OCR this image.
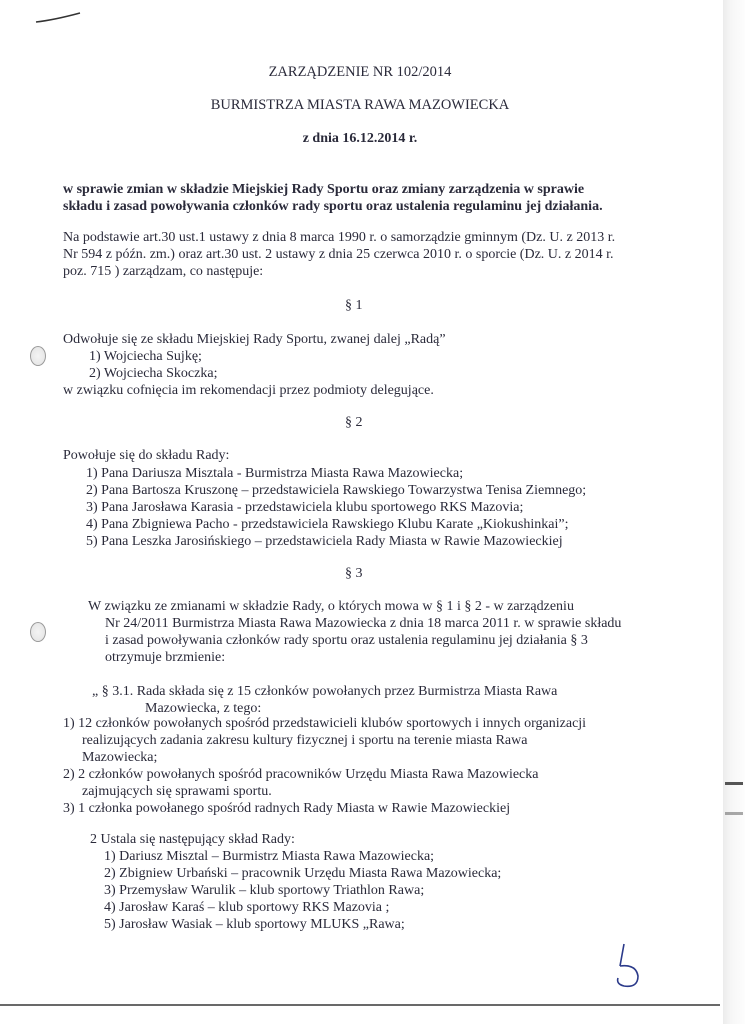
ZARZĄDZENIE NR 102/2014
BURMISTRZA MIASTA RAWA MAZOWIECKA
z dnia 16.12.2014 r.
w sprawie zmian w składzie Miejskiej Rady Sportu oraz zmiany zarządzenia w sprawie
składu i zasad powoływania członków rady sportu oraz ustalenia regulaminu jej działania.
Na podstawie art.30 ust.1 ustawy z dnia 8 marca 1990 r. o samorządzie gminnym (Dz. U. z 2013 r.
Nr 594 z późn. zm.) oraz art.30 ust. 2 ustawy z dnia 25 czerwca 2010 r. o sporcie (Dz. U. z 2014 r.
poz. 715 ) zarządzam, co następuje:
§ 1
Odwołuje się ze składu Miejskiej Rady Sportu, zwanej dalej „Radą”
1) Wojciecha Sujkę;
2) Wojciecha Skoczka;
w związku cofnięcia im rekomendacji przez podmioty delegujące.
§ 2
Powołuje się do składu Rady:
1) Pana Dariusza Misztala - Burmistrza Miasta Rawa Mazowiecka;
2) Pana Bartosza Kruszonę – przedstawiciela Rawskiego Towarzystwa Tenisa Ziemnego;
3) Pana Jarosława Karasia - przedstawiciela klubu sportowego RKS Mazovia;
4) Pana Zbigniewa Pacho - przedstawiciela Rawskiego Klubu Karate „Kiokushinkai”;
5) Pana Leszka Jarosińskiego – przedstawiciela Rady Miasta w Rawie Mazowieckiej
§ 3
W związku ze zmianami w składzie Rady, o których mowa w § 1 i § 2 - w zarządzeniu
Nr 24/2011 Burmistrza Miasta Rawa Mazowiecka z dnia 18 marca 2011 r. w sprawie składu
i zasad powoływania członków rady sportu oraz ustalenia regulaminu jej działania § 3
otrzymuje brzmienie:
„ § 3.1. Rada składa się z 15 członków powołanych przez Burmistrza Miasta Rawa
Mazowiecka, z tego:
1) 12 członków powołanych spośród przedstawicieli klubów sportowych i innych organizacji
realizujących zadania zakresu kultury fizycznej i sportu na terenie miasta Rawa
Mazowiecka;
2) 2 członków powołanych spośród pracowników Urzędu Miasta Rawa Mazowiecka
zajmujących się sprawami sportu.
3) 1 członka powołanego spośród radnych Rady Miasta w Rawie Mazowieckiej
2 Ustala się następujący skład Rady:
1) Dariusz Misztal – Burmistrz Miasta Rawa Mazowiecka;
2) Zbigniew Urbański – pracownik Urzędu Miasta Rawa Mazowiecka;
3) Przemysław Warulik – klub sportowy Triathlon Rawa;
4) Jarosław Karaś – klub sportowy RKS Mazovia ;
5) Jarosław Wasiak – klub sportowy MLUKS „Rawa;
